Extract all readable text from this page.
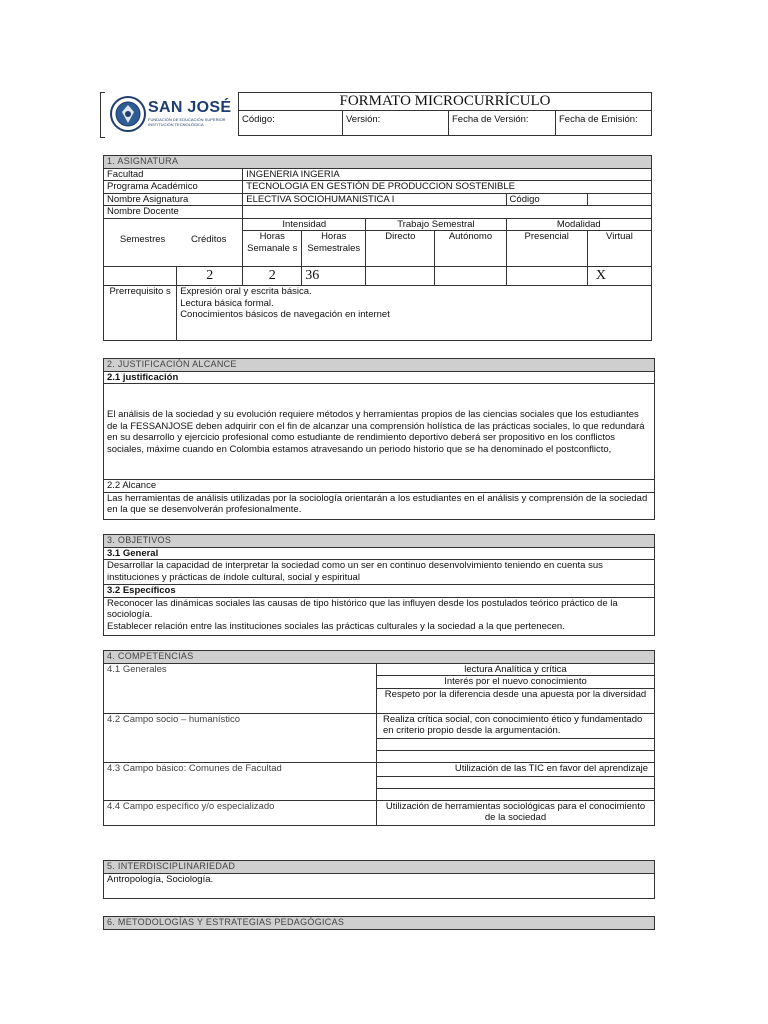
SAN JOSÉ
FUNDACIÓN DE EDUCACIÓN SUPERIOR
INSTITUCIÓN TECNOLÓGICA
FORMATO MICROCURRÍCULO
Código:	Versión:	Fecha de Versión:	Fecha de Emisión:
1. ASIGNATURA							
Facultad		INGENERIA INGERIA					
Programa Académico		TECNOLOGIA EN GESTIÓN DE PRODUCCION SOSTENIBLE					
Nombre Asignatura		ELECTIVA SOCIOHUMANISTICA I				Código	
Nombre Docente							

Semestres Créditos		Intensidad		Trabajo Semestral		Modalidad	
		Horas Semanale s	Horas Semestrales	Directo	Autónomo	Presencial	Virtual
	2	2	36				X
Prerrequisito s	Expresión oral y escrita básica.
Lectura básica formal.
Conocimientos básicos de navegación en internet						
2. JUSTIFICACIÓN ALCANCE
2.1 justificación
El análisis de la sociedad y su evolución requiere métodos y herramientas propios de las ciencias sociales que los estudiantes de la FESSANJOSE deben adquirir con el fin de alcanzar una comprensión holística de las prácticas sociales, lo que redundará en su desarrollo y ejercicio profesional como estudiante de rendimiento deportivo deberá ser propositivo en los conflictos sociales, máxime cuando en Colombia estamos atravesando un periodo historio que se ha denominado el postconflicto,
2.2 Alcance
Las herramientas de análisis utilizadas por la sociología orientarán a los estudiantes en el análisis y comprensión de la sociedad en la que se desenvolverán profesionalmente.
3. OBJETIVOS
3.1 General
Desarrollar la capacidad de interpretar la sociedad como un ser en continuo desenvolvimiento teniendo en cuenta sus instituciones y prácticas de índole cultural, social y espiritual
3.2 Específicos

Reconocer las dinámicas sociales las causas de tipo histórico que las influyen desde los postulados teórico práctico de la sociología.
Establecer relación entre las instituciones sociales las prácticas culturales y la sociedad a la que pertenecen.
4. COMPETENCIAS	
4.1 Generales	lectura Analítica y crítica
	Interés por el nuevo conocimiento
	Respeto por la diferencia desde una apuesta por la diversidad
4.2 Campo socio – humanístico	Realiza crítica social, con conocimiento ético y fundamentado en criterio propio desde la argumentación.

4.3 Campo básico: Comunes de Facultad	Utilización de las TIC en favor del aprendizaje

4.4 Campo específico y/o especializado	Utilización de herramientas sociológicas para el conocimiento de la sociedad
5. INTERDISCIPLINARIEDAD
Antropología, Sociología.
6. METODOLOGÍAS Y ESTRATEGIAS PEDAGÓGICAS
